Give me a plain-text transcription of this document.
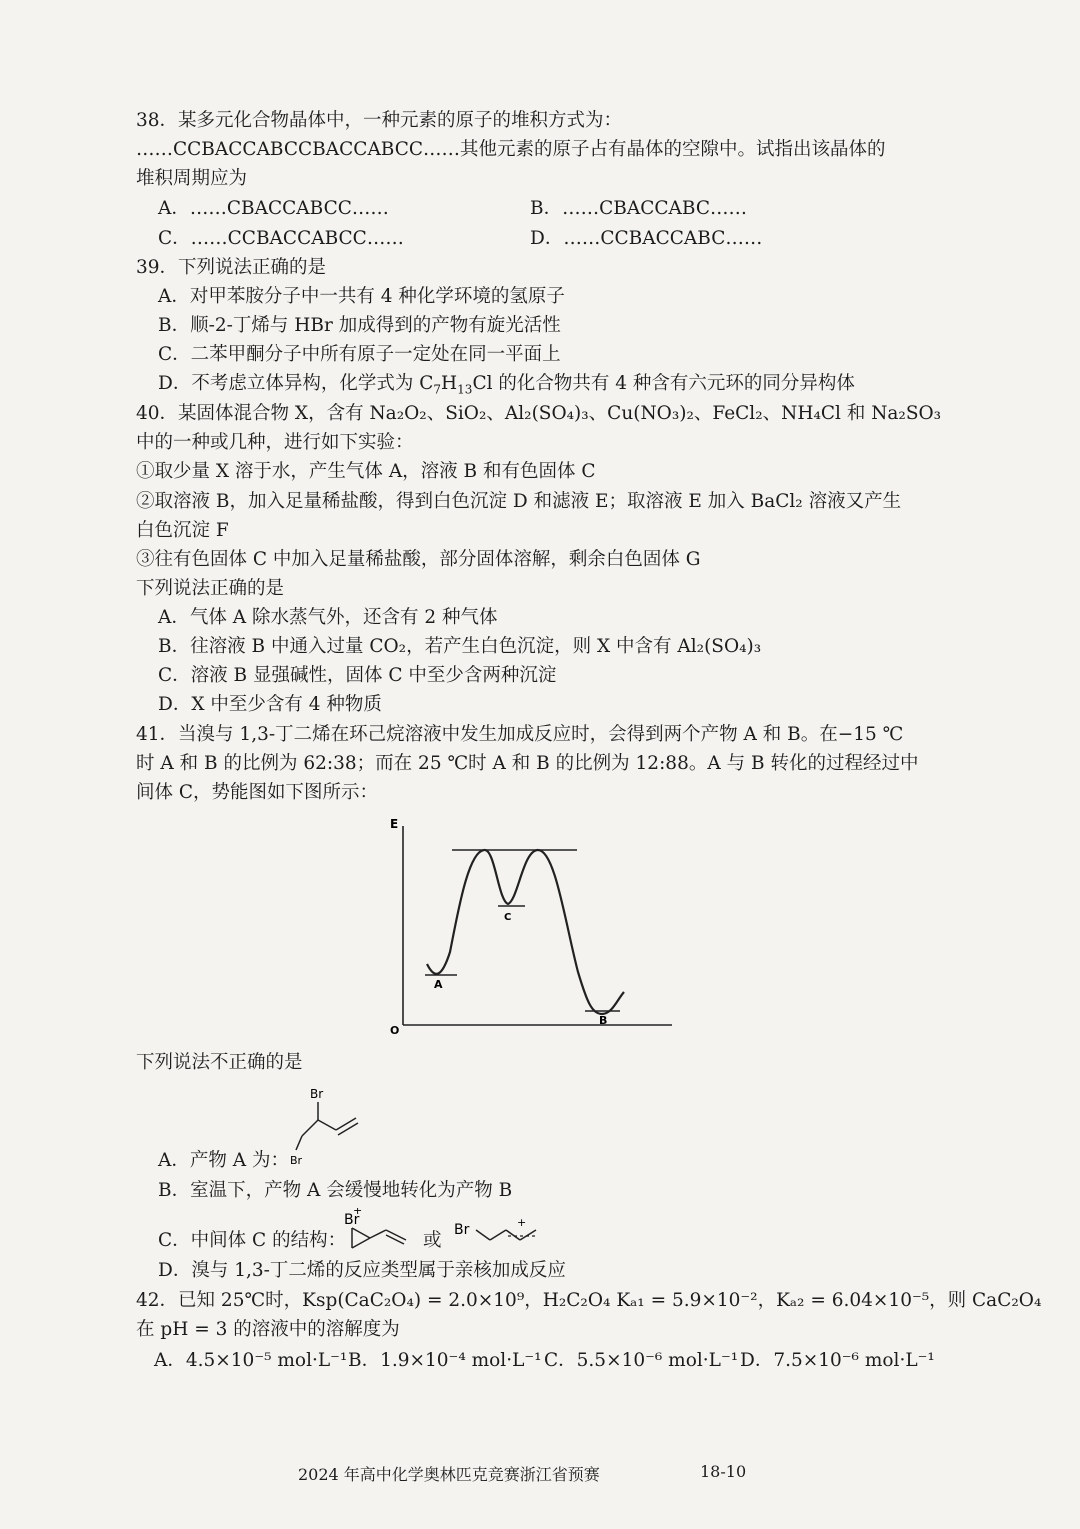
38．某多元化合物晶体中，一种元素的原子的堆积方式为：
……CCBACCABCCBACCABCC……其他元素的原子占有晶体的空隙中。试指出该晶体的
堆积周期应为
A．……CBACCABCC……	B．……CBACCABC……
C．……CCBACCABCC……	D．……CCBACCABC……
39．下列说法正确的是
A．对甲苯胺分子中一共有 4 种化学环境的氢原子
B．顺-2-丁烯与 HBr 加成得到的产物有旋光活性
C．二苯甲酮分子中所有原子一定处在同一平面上
D．不考虑立体异构，化学式为 $C_7H_{13}Cl$ 的化合物共有 4 种含有六元环的同分异构体
40．某固体混合物 X，含有 Na₂O₂、SiO₂、Al₂(SO₄)₃、Cu(NO₃)₂、FeCl₂、NH₄Cl 和 Na₂SO₃
中的一种或几种，进行如下实验：
①取少量 X 溶于水，产生气体 A，溶液 B 和有色固体 C
②取溶液 B，加入足量稀盐酸，得到白色沉淀 D 和滤液 E；取溶液 E 加入 BaCl₂ 溶液又产生
白色沉淀 F
③往有色固体 C 中加入足量稀盐酸，部分固体溶解，剩余白色固体 G
下列说法正确的是
A．气体 A 除水蒸气外，还含有 2 种气体
B．往溶液 B 中通入过量 CO₂，若产生白色沉淀，则 X 中含有 Al₂(SO₄)₃
C．溶液 B 显强碱性，固体 C 中至少含两种沉淀
D．X 中至少含有 4 种物质
41．当溴与 1,3-丁二烯在环己烷溶液中发生加成反应时，会得到两个产物 A 和 B。在−15 ℃
时 A 和 B 的比例为 62:38；而在 25 ℃时 A 和 B 的比例为 12:88。A 与 B 转化的过程经过中
间体 C，势能图如下图所示：
E
O
A
C
B
下列说法不正确的是
Br
Br
A．产物 A 为：
B．室温下，产物 A 会缓慢地转化为产物 B
C．中间体 C 的结构：
Br
+
或 Br	+
D．溴与 1,3-丁二烯的反应类型属于亲核加成反应
42．已知 25℃时，Ksp(CaC₂O₄) = 2.0×10⁹，H₂C₂O₄ Kₐ₁ = 5.9×10⁻²，Kₐ₂ = 6.04×10⁻⁵，则 CaC₂O₄
在 pH = 3 的溶液中的溶解度为
A．4.5×10⁻⁵ mol·L⁻¹ B．1.9×10⁻⁴ mol·L⁻¹ C．5.5×10⁻⁶ mol·L⁻¹ D．7.5×10⁻⁶ mol·L⁻¹
2024 年高中化学奥林匹克竞赛浙江省预赛	18-10
